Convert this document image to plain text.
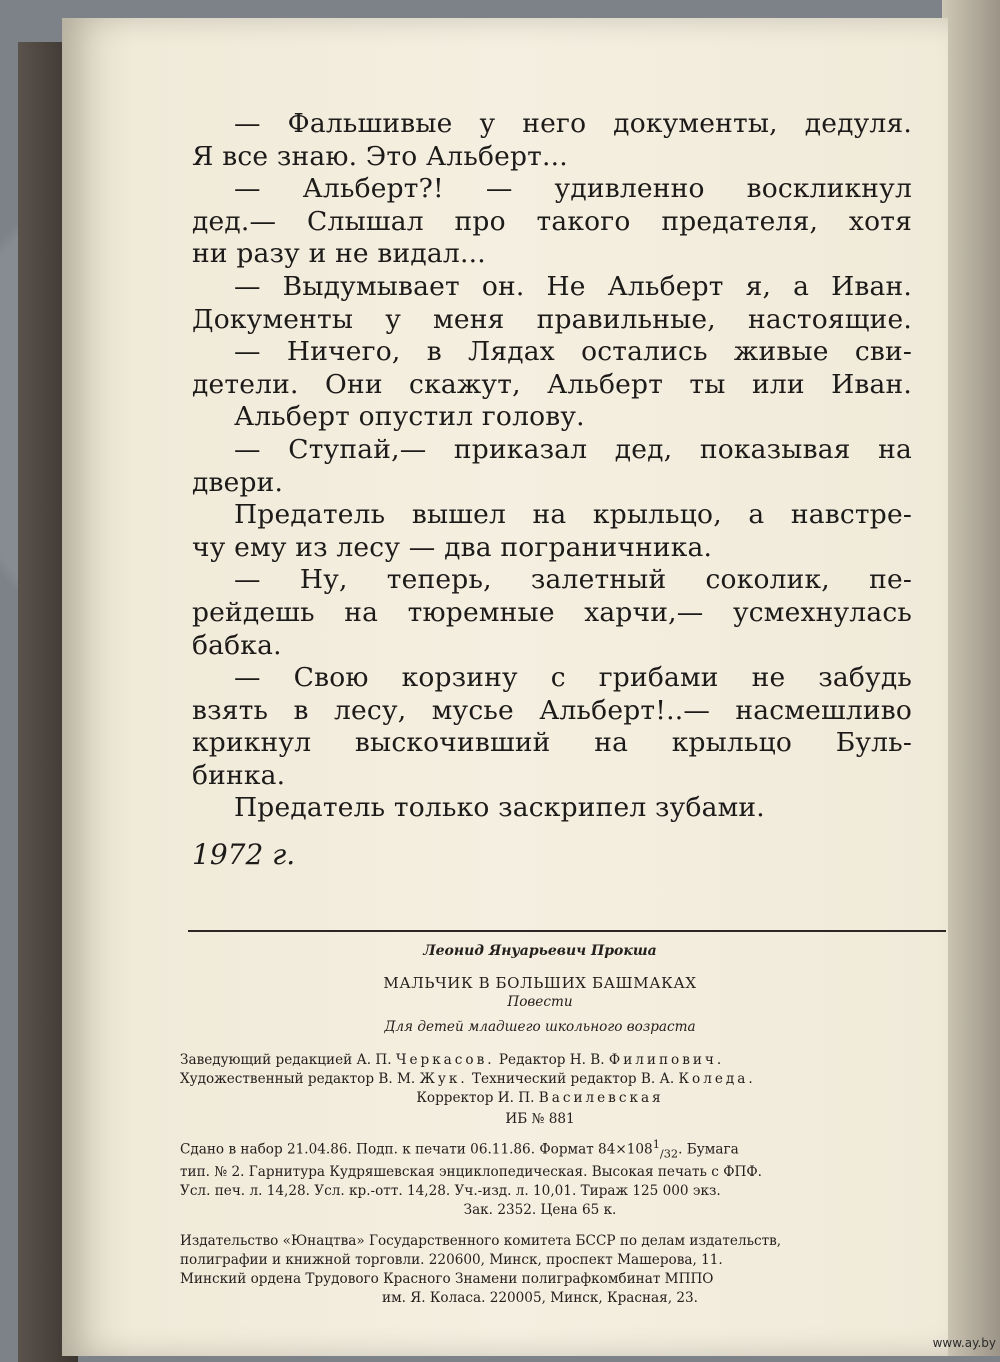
— Фальшивые у него документы, дедуля.
Я все знаю. Это Альберт...
— Альберт?! — удивленно воскликнул
дед.— Слышал про такого предателя, хотя
ни разу и не видал...
— Выдумывает он. Не Альберт я, а Иван.
Документы у меня правильные, настоящие.
— Ничего, в Лядах остались живые сви-
детели. Они скажут, Альберт ты или Иван.
Альберт опустил голову.
— Ступай,— приказал дед, показывая на
двери.
Предатель вышел на крыльцо, а навстре-
чу ему из лесу — два пограничника.
— Ну, теперь, залетный соколик, пе-
рейдешь на тюремные харчи,— усмехнулась
бабка.
— Свою корзину с грибами не забудь
взять в лесу, мусье Альберт!..— насмешливо
крикнул выскочивший на крыльцо Буль-
бинка.
Предатель только заскрипел зубами.
1972 г.
Леонид Януарьевич Прокша
МАЛЬЧИК В БОЛЬШИХ БАШМАКАХ
Повести
Для детей младшего школьного возраста
Заведующий редакцией А. П. Черкасов. Редактор Н. В. Филипович.
Художественный редактор В. М. Жук. Технический редактор В. А. Коледа.
Корректор И. П. Василевская
ИБ № 881
Сдано в набор 21.04.86. Подп. к печати 06.11.86. Формат $84\times 108^1_{/32}$. Бумага
тип. № 2. Гарнитура Кудряшевская энциклопедическая. Высокая печать с ФПФ.
Усл. печ. л. 14,28. Усл. кр.-отт. 14,28. Уч.-изд. л. 10,01. Тираж 125 000 экз.
Зак. 2352. Цена 65 к.
Издательство «Юнацтва» Государственного комитета БССР по делам издательств,
полиграфии и книжной торговли. 220600, Минск, проспект Машерова, 11.
Минский ордена Трудового Красного Знамени полиграфкомбинат МППО
им. Я. Коласа. 220005, Минск, Красная, 23.
www.ay.by
